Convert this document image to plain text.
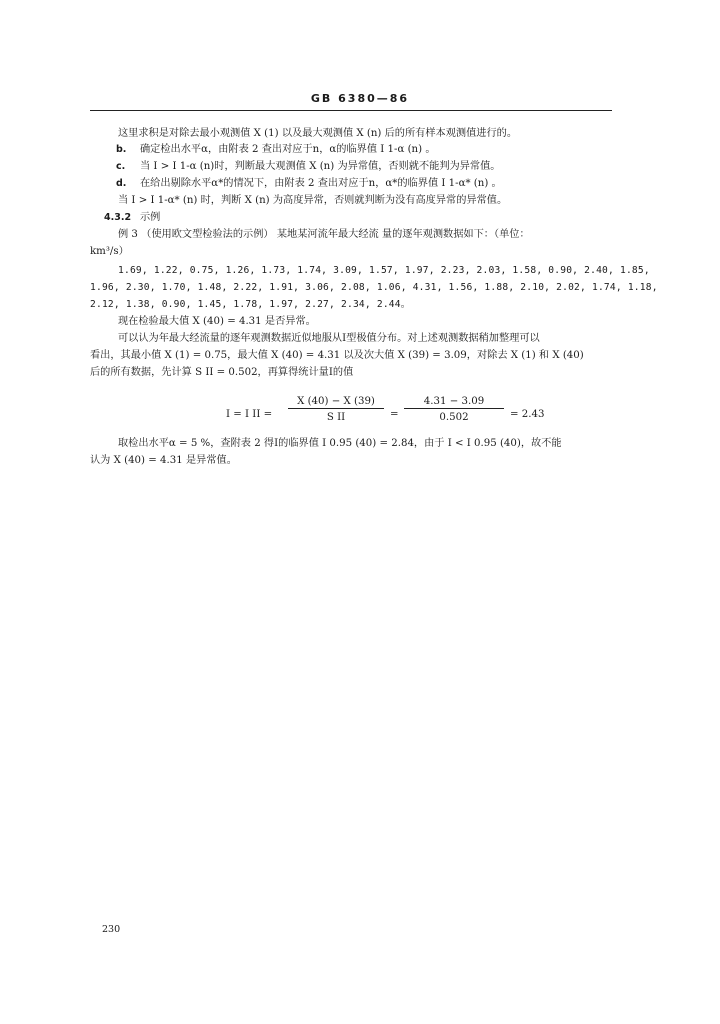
GB 6380—86
这里求积是对除去最小观测值 X (1) 以及最大观测值 X (n) 后的所有样本观测值进行的。
b. 确定检出水平α，由附表 2 查出对应于n，α的临界值 I 1-α (n) 。
c. 当 I > I 1-α (n)时，判断最大观测值 X (n) 为异常值，否则就不能判为异常值。
d. 在给出剔除水平α*的情况下，由附表 2 查出对应于n，α*的临界值 I 1-α* (n) 。
当 I > I 1-α* (n) 时，判断 X (n) 为高度异常，否则就判断为没有高度异常的异常值。
4.3.2 示例
例 3 （使用欧文型检验法的示例） 某地某河流年最大经流 量的逐年观测数据如下：（单位：
km³/s）
1.69, 1.22, 0.75, 1.26, 1.73, 1.74, 3.09, 1.57, 1.97, 2.23, 2.03, 1.58, 0.90, 2.40, 1.85,
1.96, 2.30, 1.70, 1.48, 2.22, 1.91, 3.06, 2.08, 1.06, 4.31, 1.56, 1.88, 2.10, 2.02, 1.74, 1.18,
2.12, 1.38, 0.90, 1.45, 1.78, 1.97, 2.27, 2.34, 2.44。
现在检验最大值 X (40) = 4.31 是否异常。
可以认为年最大经流量的逐年观测数据近似地服从Ⅰ型极值分布。对上述观测数据稍加整理可以
看出，其最小值 X (1) = 0.75，最大值 X (40) = 4.31 以及次大值 X (39) = 3.09，对除去 X (1) 和 X (40)
后的所有数据，先计算 S II = 0.502，再算得统计量I的值
I = I II = $\frac{X (40) - X (39)}{\text{S II}} = \frac{4.31 - 3.09}{0.502} = 2.43$
取检出水平α = 5 %，查附表 2 得I的临界值 I 0.95 (40) = 2.84，由于 I < I 0.95 (40)，故不能
认为 X (40) = 4.31 是异常值。
230
